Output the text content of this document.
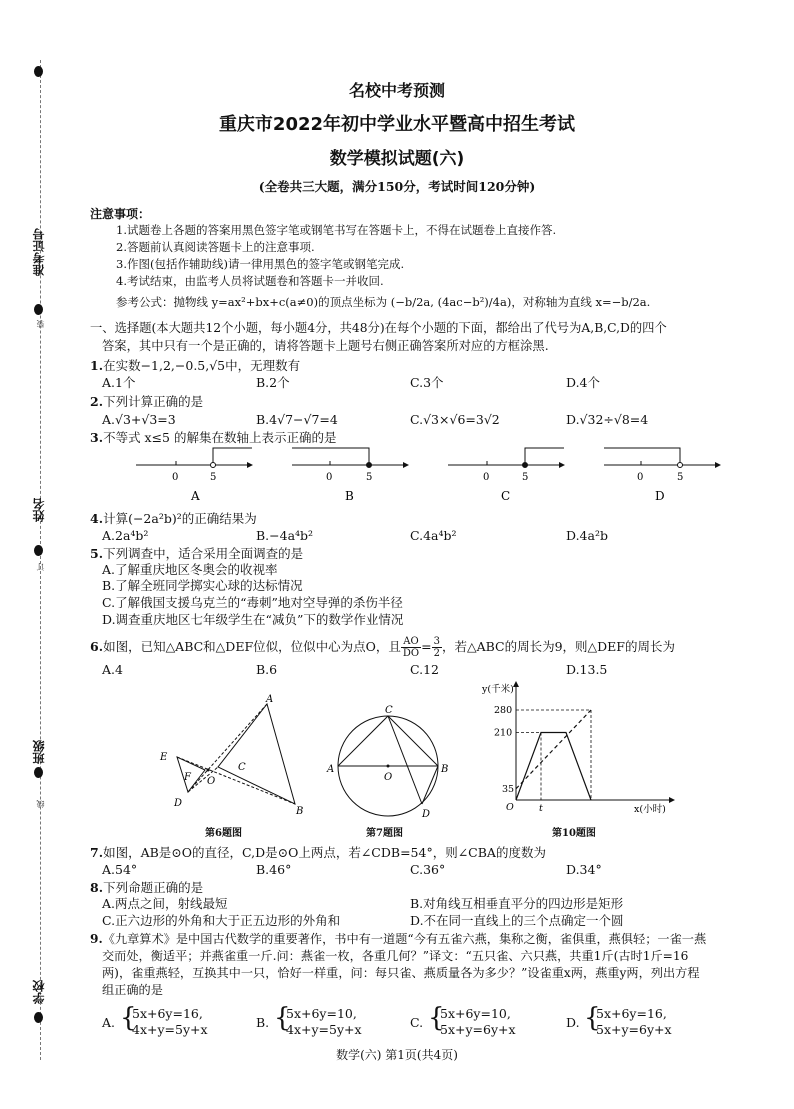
准考证号
装
姓名
订
班级
线
学校
名校中考预测
重庆市2022年初中学业水平暨高中招生考试
数学模拟试题(六)
(全卷共三大题，满分150分，考试时间120分钟)
注意事项：
1.试题卷上各题的答案用黑色签字笔或钢笔书写在答题卡上，不得在试题卷上直接作答.
2.答题前认真阅读答题卡上的注意事项.
3.作图(包括作辅助线)请一律用黑色的签字笔或钢笔完成.
4.考试结束，由监考人员将试题卷和答题卡一并收回.
参考公式：抛物线 y=ax²+bx+c(a≠0)的顶点坐标为 (−b/2a, (4ac−b²)/4a)，对称轴为直线 x=−b/2a.
一、选择题(本大题共12个小题，每小题4分，共48分)在每个小题的下面，都给出了代号为A,B,C,D的四个
答案，其中只有一个是正确的，请将答题卡上题号右侧正确答案所对应的方框涂黑.
1.在实数−1,2,−0.5,√5中，无理数有
A.1个	B.2个	C.3个	D.4个
2.下列计算正确的是
A.√3+√3=3	B.4√7−√7=4	C.√3×√6=3√2	D.√32÷√8=4
3.不等式 x≤5 的解集在数轴上表示正确的是
0	5	0	5	0	5	0	5
A	B	C	D
4.计算(−2a²b)²的正确结果为
A.2a⁴b²	B.−4a⁴b²	C.4a⁴b²	D.4a²b
5.下列调查中，适合采用全面调查的是
A.了解重庆地区冬奥会的收视率
B.了解全班同学掷实心球的达标情况
C.了解俄国支援乌克兰的“毒刺”地对空导弹的杀伤半径
D.调查重庆地区七年级学生在“减负”下的数学作业情况
6.如图，已知△ABC和△DEF位似，位似中心为点O，且 $\frac{AO}{DO} = \frac{3}{2}$ ，若△ABC的周长为9，则△DEF的周长为
A.4	B.6	C.12	D.13.5
A
B
C
D
E
F O
第6题图
A	B
C
D
O
第7题图
y(千米)
x(小时)
280
210
35
O	t
第10题图
7.如图，AB是⊙O的直径，C,D是⊙O上两点，若∠CDB=54°，则∠CBA的度数为
A.54°	B.46°	C.36°	D.34°
8.下列命题正确的是
A.两点之间，射线最短	B.对角线互相垂直平分的四边形是矩形
C.正六边形的外角和大于正五边形的外角和	D.不在同一直线上的三个点确定一个圆
9.《九章算术》是中国古代数学的重要著作，书中有一道题“今有五雀六燕，集称之衡，雀俱重，燕俱轻；一雀一燕
交而处，衡适平；并燕雀重一斤.问：燕雀一枚，各重几何？”译文：“五只雀、六只燕，共重1斤(古时1斤=16
两)，雀重燕轻，互换其中一只，恰好一样重，问：每只雀、燕质量各为多少？”设雀重x两，燕重y两，列出方程
组正确的是
A. {
5x+6y=16,
4x+y=5y+x	B. {
5x+6y=10,
4x+y=5y+x	C. {
5x+6y=10,
5x+y=6y+x	D. {
5x+6y=16,
5x+y=6y+x
数学(六) 第1页(共4页)
